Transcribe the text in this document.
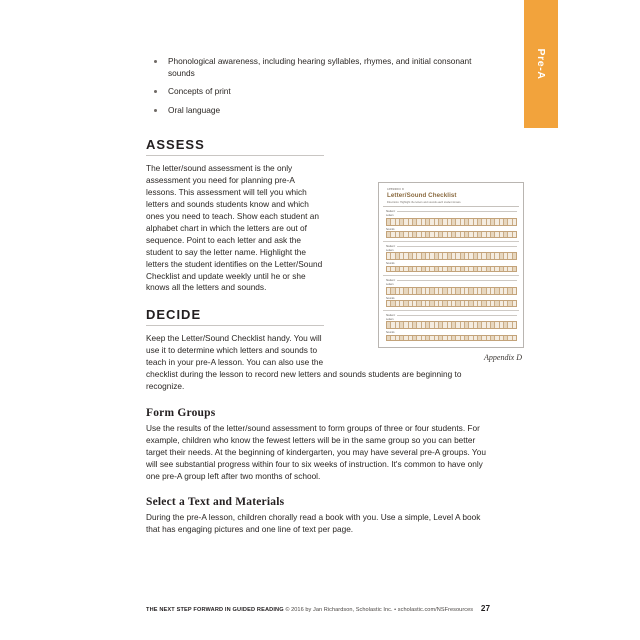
Pre-A
Phonological awareness, including hearing syllables, rhymes, and initial consonant sounds
Concepts of print
Oral language
ASSESS

The letter/sound assessment is the only assessment you need for planning pre-A lessons. This assessment will tell you which letters and sounds students know and which ones you need to teach. Show each student an alphabet chart in which the letters are out of sequence. Point to each letter and ask the student to say the letter name. Highlight the letters the student identifies on the Letter/Sound Checklist and update weekly until he or she knows all the letters and sounds.

DECIDE

Keep the Letter/Sound Checklist handy. You will use it to determine which letters and sounds to teach in your pre-A lesson. You can also use the

checklist during the lesson to record new letters and sounds students are beginning to recognize.

Form Groups

Use the results of the letter/sound assessment to form groups of three or four students. For example, children who know the fewest letters will be in the same group so you can better target their needs. At the beginning of kindergarten, you may have several pre-A groups. You will see substantial progress within four to six weeks of instruction. It's common to have only one pre-A group left after two months of school.

Select a Text and Materials

During the pre-A lesson, children chorally read a book with you. Use a simple, Level A book that has engaging pictures and one line of text per page.

APPENDIX D
Letter/Sound Checklist
Directions: Highlight the letters and sounds each student knows.
Student:
Letters
Sounds
Student:
Letters
Sounds
Student:
Letters
Sounds
Student:
Letters
Sounds
Appendix D
THE NEXT STEP FORWARD IN GUIDED READING © 2016 by Jan Richardson, Scholastic Inc. • scholastic.com/NSFresources 27
